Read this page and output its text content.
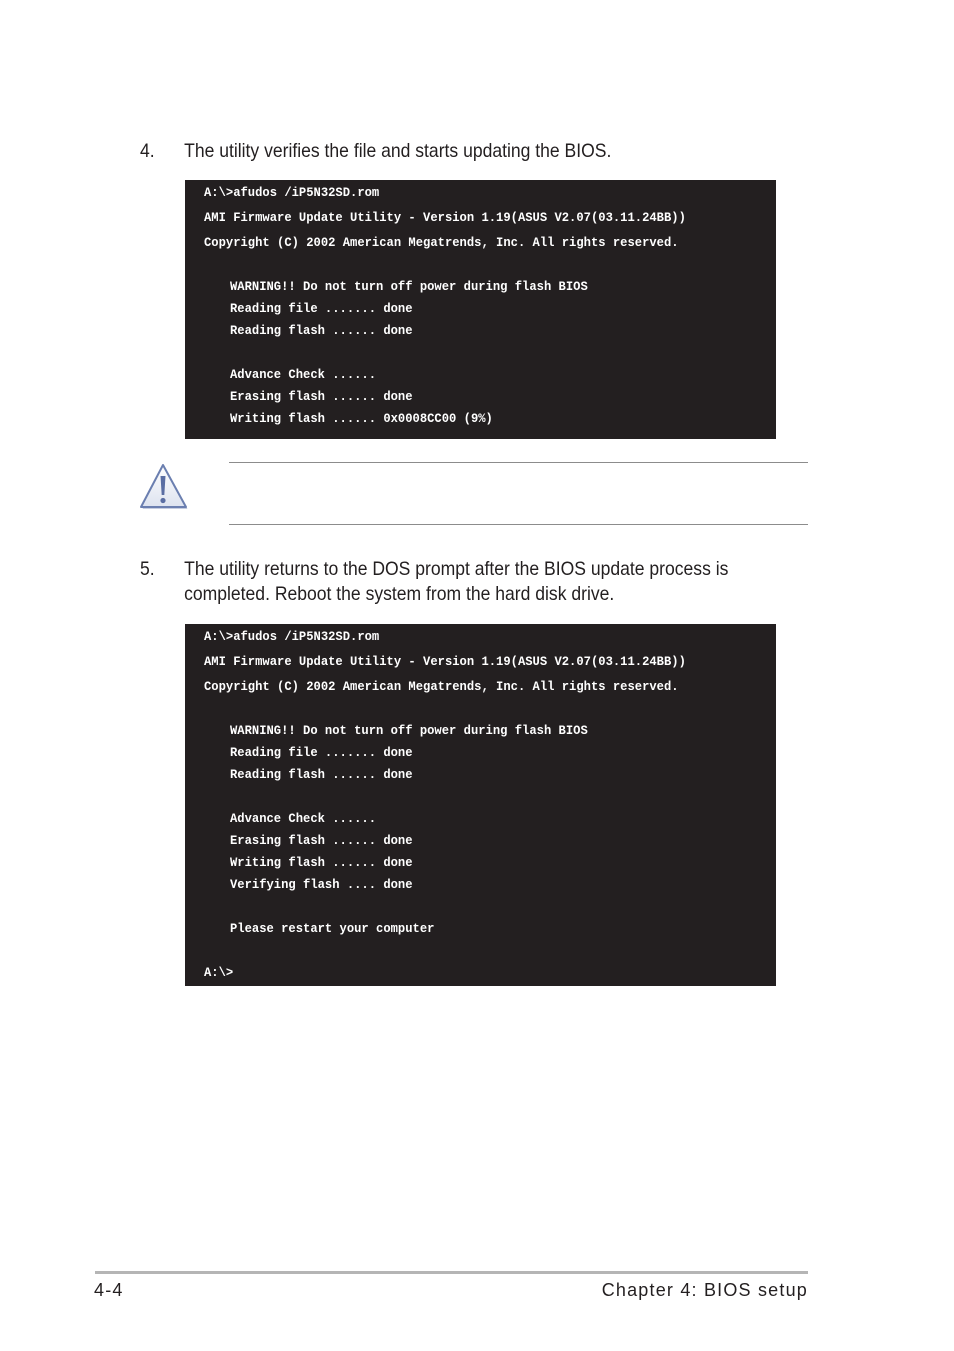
4. The utility verifies the file and starts updating the BIOS.
A:\>afudos /iP5N32SD.rom
AMI Firmware Update Utility - Version 1.19(ASUS V2.07(03.11.24BB))
Copyright (C) 2002 American Megatrends, Inc. All rights reserved.
WARNING!! Do not turn off power during flash BIOS
Reading file ....... done
Reading flash ...... done
Advance Check ......
Erasing flash ...... done
Writing flash ...... 0x0008CC00 (9%)
5. The utility returns to the DOS prompt after the BIOS update process is
completed. Reboot the system from the hard disk drive.
A:\>afudos /iP5N32SD.rom
AMI Firmware Update Utility - Version 1.19(ASUS V2.07(03.11.24BB))
Copyright (C) 2002 American Megatrends, Inc. All rights reserved.
WARNING!! Do not turn off power during flash BIOS
Reading file ....... done
Reading flash ...... done
Advance Check ......
Erasing flash ...... done
Writing flash ...... done
Verifying flash .... done
Please restart your computer
A:\>
4-4	Chapter 4: BIOS setup
